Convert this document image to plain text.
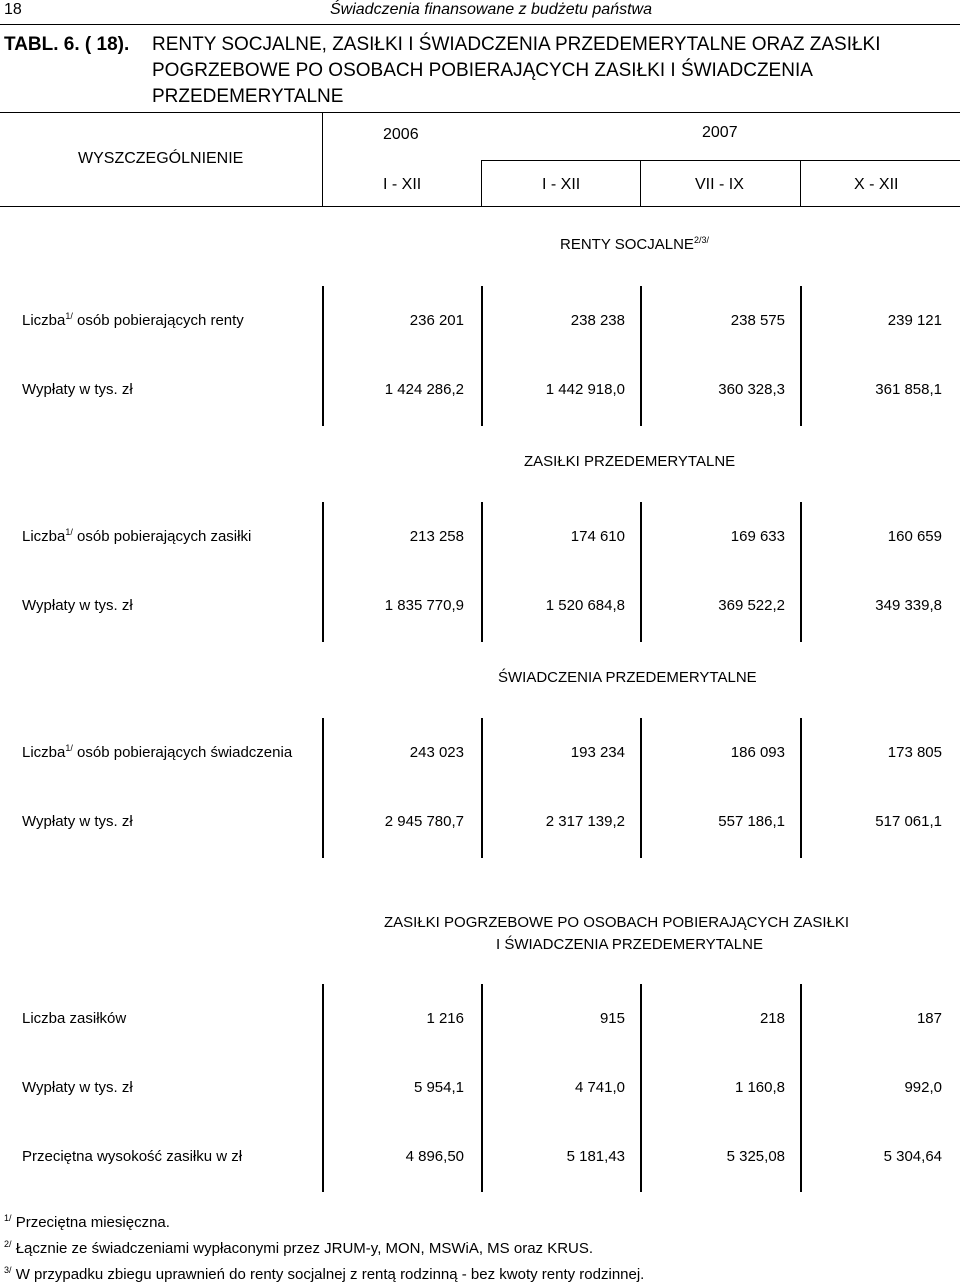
18	Świadczenia finansowane z budżetu państwa
TABL. 6. ( 18). RENTY SOCJALNE, ZASIŁKI I ŚWIADCZENIA PRZEDEMERYTALNE ORAZ ZASIŁKI
POGRZEBOWE PO OSOBACH POBIERAJĄCYCH ZASIŁKI I ŚWIADCZENIA
PRZEDEMERYTALNE
WYSZCZEGÓLNIENIE
2006	2007
I - XII	I - XII	VII - IX	X - XII
RENTY $SOCJALNE^{2/3/}$
Liczba$^{1/}$ osób pobierających renty	236 201	238 238	238 575	239 121
Wypłaty w tys. zł	1 424 286,2	1 442 918,0	360 328,3	361 858,1
ZASIŁKI PRZEDEMERYTALNE
Liczba$^{1/}$ osób pobierających zasiłki	213 258	174 610	169 633	160 659
Wypłaty w tys. zł	1 835 770,9	1 520 684,8	369 522,2	349 339,8
ŚWIADCZENIA PRZEDEMERYTALNE
Liczba$^{1/}$ osób pobierających świadczenia	243 023	193 234	186 093	173 805
Wypłaty w tys. zł	2 945 780,7	2 317 139,2	557 186,1	517 061,1
ZASIŁKI POGRZEBOWE PO OSOBACH POBIERAJĄCYCH ZASIŁKI
I ŚWIADCZENIA PRZEDEMERYTALNE
Liczba zasiłków	1 216	915	218	187
Wypłaty w tys. zł	5 954,1	4 741,0	1 160,8	992,0
Przeciętna wysokość zasiłku w zł	4 896,50	5 181,43	5 325,08	5 304,64
$^{1/}$ Przeciętna miesięczna.
$^{2/}$ Łącznie ze świadczeniami wypłaconymi przez JRUM-y, MON, MSWiA, MS oraz KRUS.
$^{3/}$ W przypadku zbiegu uprawnień do renty socjalnej z rentą rodzinną - bez kwoty renty rodzinnej.
